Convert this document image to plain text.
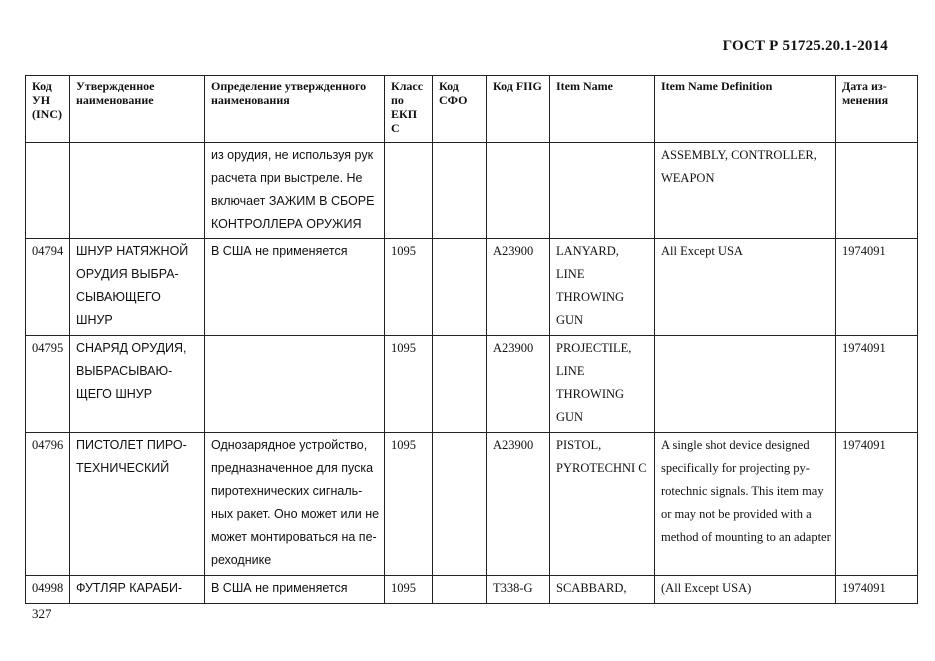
ГОСТ Р 51725.20.1-2014
Код УН (INC)	Утвержденное наименование	Определение утвержденного наименования	Класс по ЕКП С	Код СФО	Код FIIG	Item Name	Item Name Definition	Дата из-менения
		из орудия, не используя рук расчета при выстреле. Не включает ЗАЖИМ В СБОРЕ КОНТРОЛЛЕРА ОРУЖИЯ					ASSEMBLY, CONTROLLER, WEAPON	
04794	ШНУР НАТЯЖНОЙ ОРУДИЯ ВЫБРА-СЫВАЮЩЕГО ШНУР	В США не применяется	1095		A23900	LANYARD, LINE THROWING GUN	All Except USA	1974091
04795	СНАРЯД ОРУДИЯ, ВЫБРАСЫВАЮ-ЩЕГО ШНУР		1095		A23900	PROJECTILE, LINE THROWING GUN		1974091
04796	ПИСТОЛЕТ ПИРО-ТЕХНИЧЕСКИЙ	Однозарядное устройство, предназначенное для пуска пиротехнических сигналь-ных ракет. Оно может или не может монтироваться на пе-реходнике	1095		A23900	PISTOL, PYROTECHNI C	A single shot device designed specifically for projecting py-rotechnic signals. This item may or may not be provided with a method of mounting to an adapter	1974091
04998	ФУТЛЯР КАРАБИ-	В США не применяется	1095		T338-G	SCABBARD,	(All Except USA)	1974091
327
